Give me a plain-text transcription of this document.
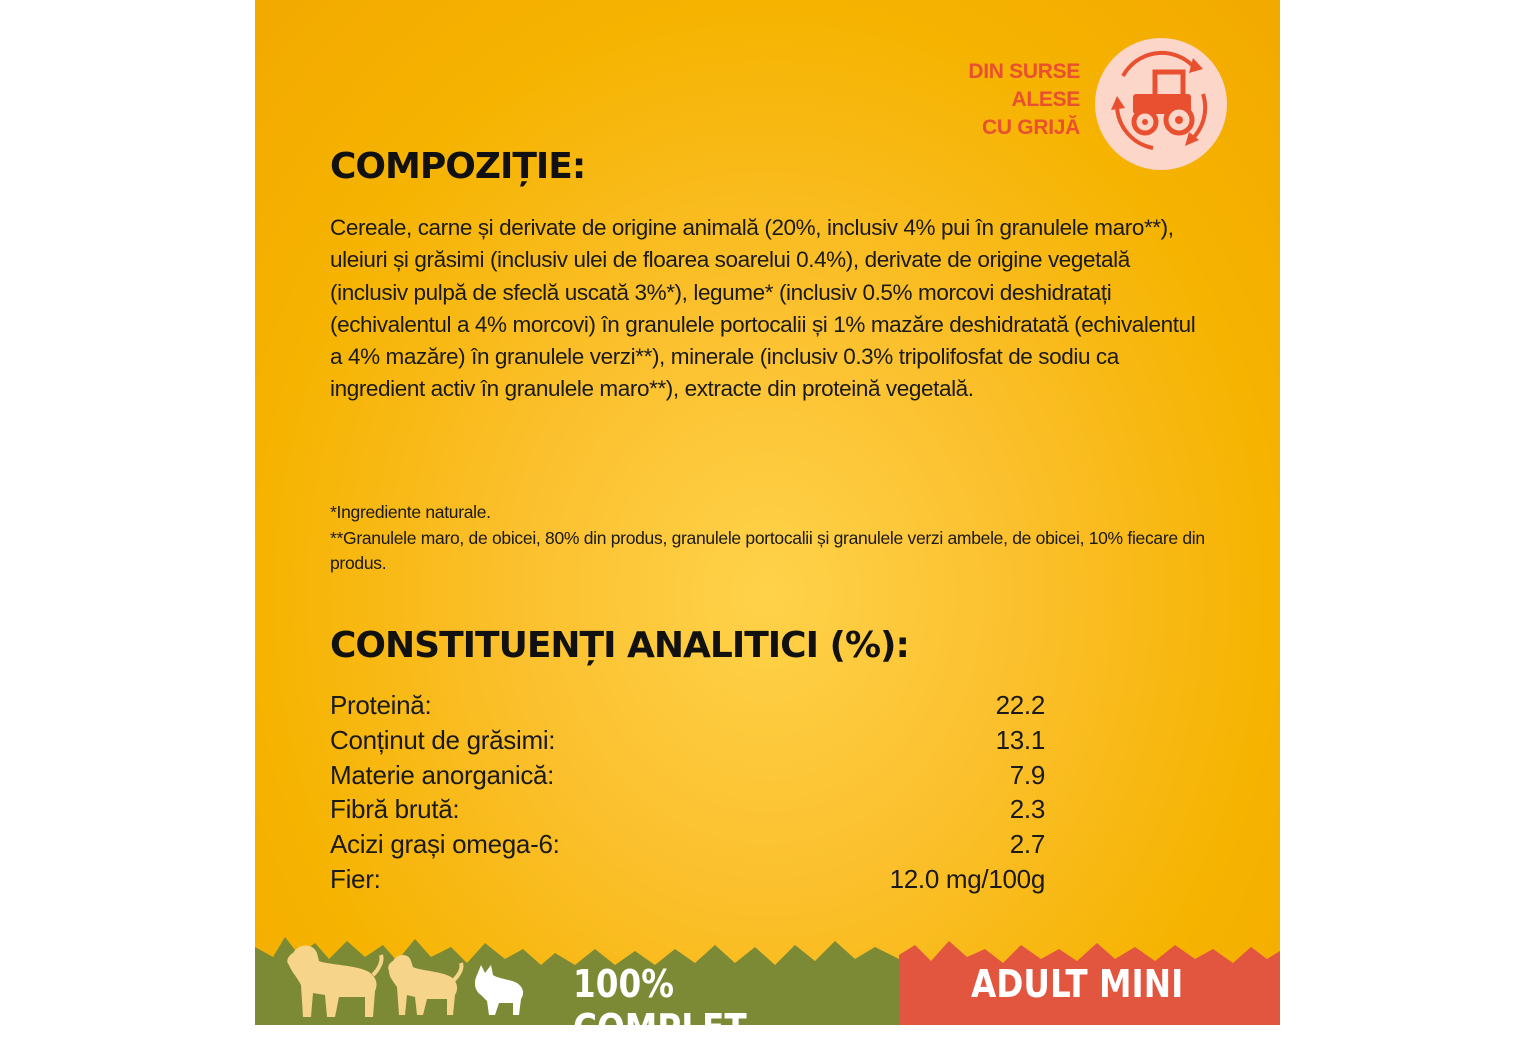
DIN SURSE
ALESE
CU GRIJĂ
COMPOZIȚIE:
Cereale, carne și derivate de origine animală (20%, inclusiv 4% pui în granulele maro**), uleiuri și grăsimi (inclusiv ulei de floarea soarelui 0.4%), derivate de origine vegetală (inclusiv pulpă de sfeclă uscată 3%*), legume* (inclusiv 0.5% morcovi deshidratați (echivalentul a 4% morcovi) în granulele portocalii și 1% mazăre deshidratată (echivalentul a 4% mazăre) în granulele verzi**), minerale (inclusiv 0.3% tripolifosfat de sodiu ca ingredient activ în granulele maro**), extracte din proteină vegetală.
*Ingrediente naturale.
**Granulele maro, de obicei, 80% din produs, granulele portocalii și granulele verzi ambele, de obicei, 10% fiecare din produs.
CONSTITUENȚI ANALITICI (%):
Proteină:	22.2
Conținut de grăsimi:	13.1
Materie anorganică:	7.9
Fibră brută:	2.3
Acizi grași omega-6:	2.7
Fier:	12.0 mg/100g
100% COMPLET
ADULT MINI
